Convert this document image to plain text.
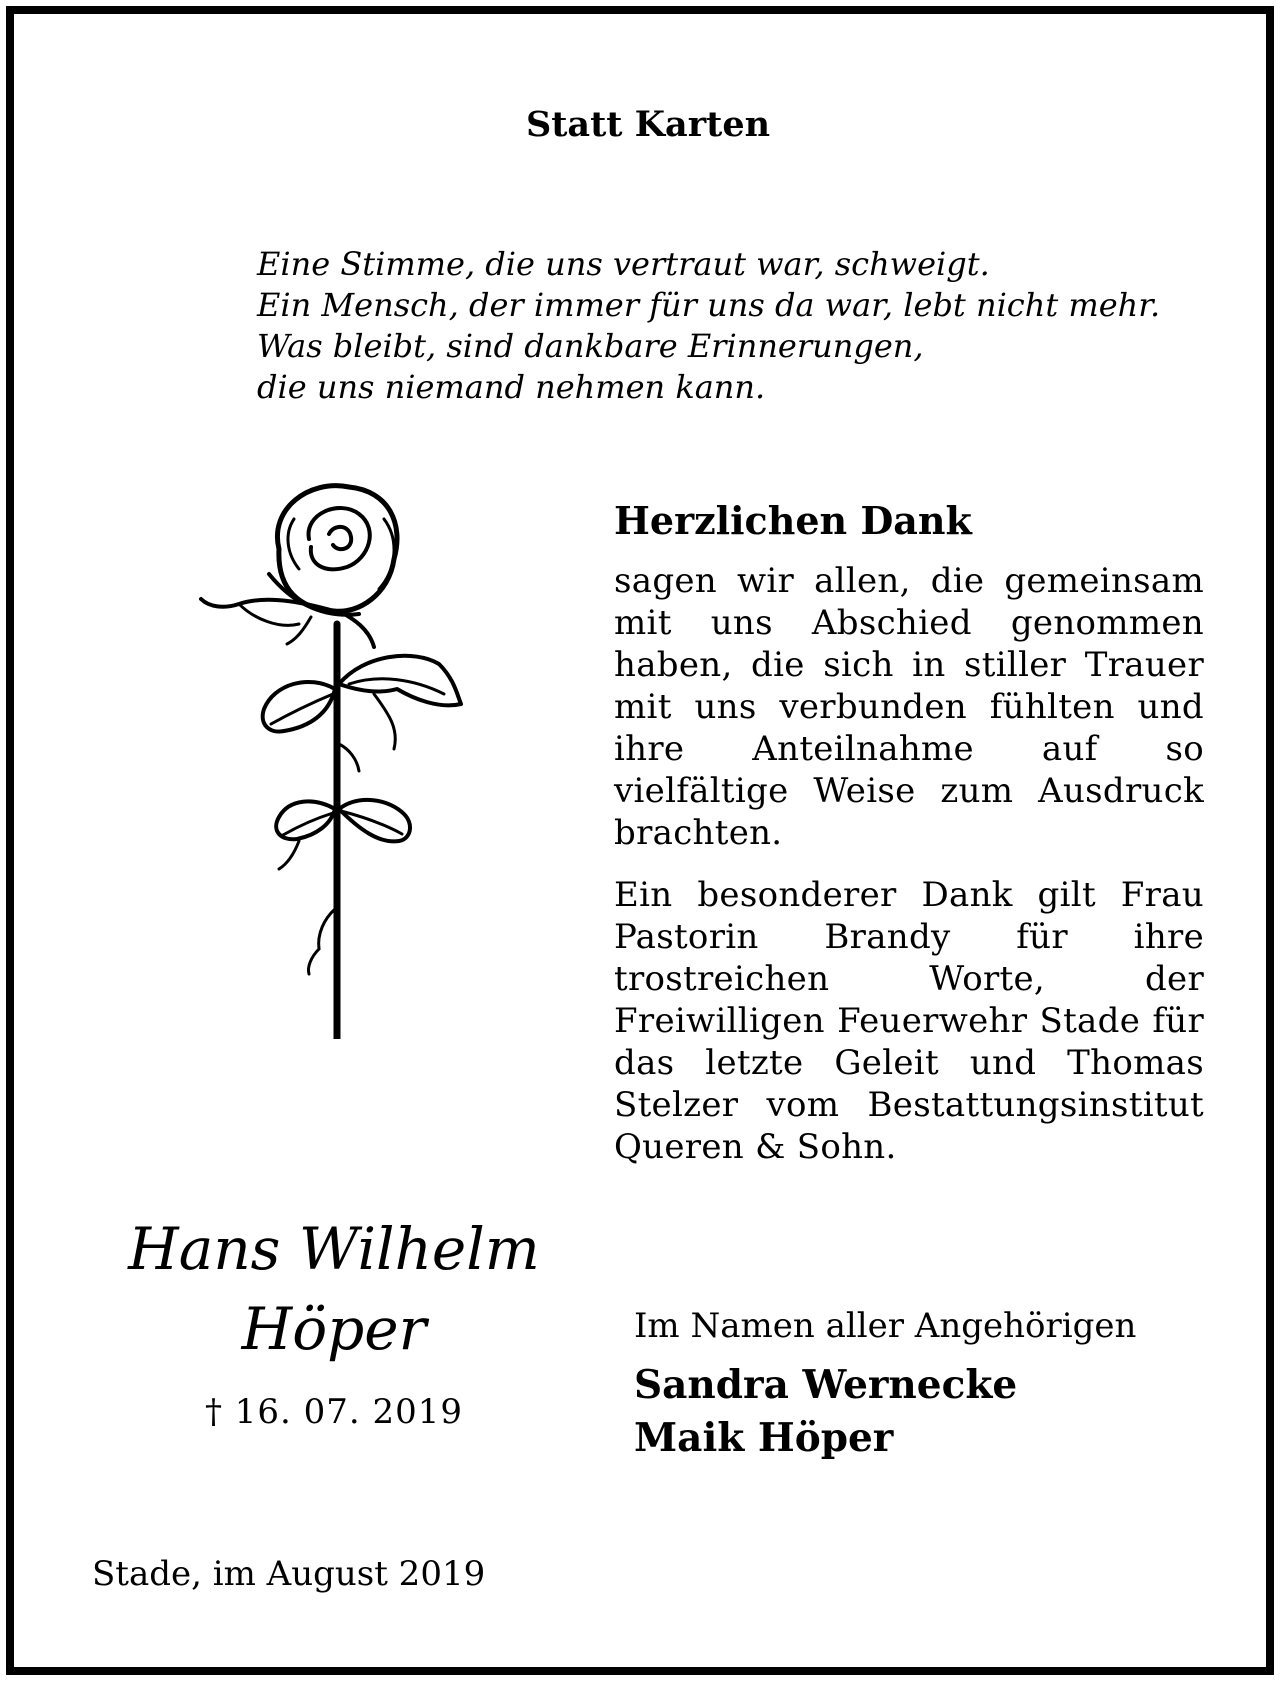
Statt Karten
Eine Stimme, die uns vertraut war, schweigt.
Ein Mensch, der immer für uns da war, lebt nicht mehr.
Was bleibt, sind dankbare Erinnerungen,
die uns niemand nehmen kann.
Herzlichen Dank

sagen wir allen, die gemeinsam mit uns Abschied genommen haben, die sich in stiller Trauer mit uns verbunden fühlten und ihre Anteilnahme auf so vielfältige Weise zum Ausdruck brachten.

Ein besonderer Dank gilt Frau Pastorin Brandy für ihre trostreichen Worte, der Freiwilligen Feuerwehr Stade für das letzte Geleit und Thomas Stelzer vom Bestattungsinstitut Queren & Sohn.

Hans Wilhelm
Höper
† 16. 07. 2019
Im Namen aller Angehörigen
Sandra Wernecke
Maik Höper
Stade, im August 2019
